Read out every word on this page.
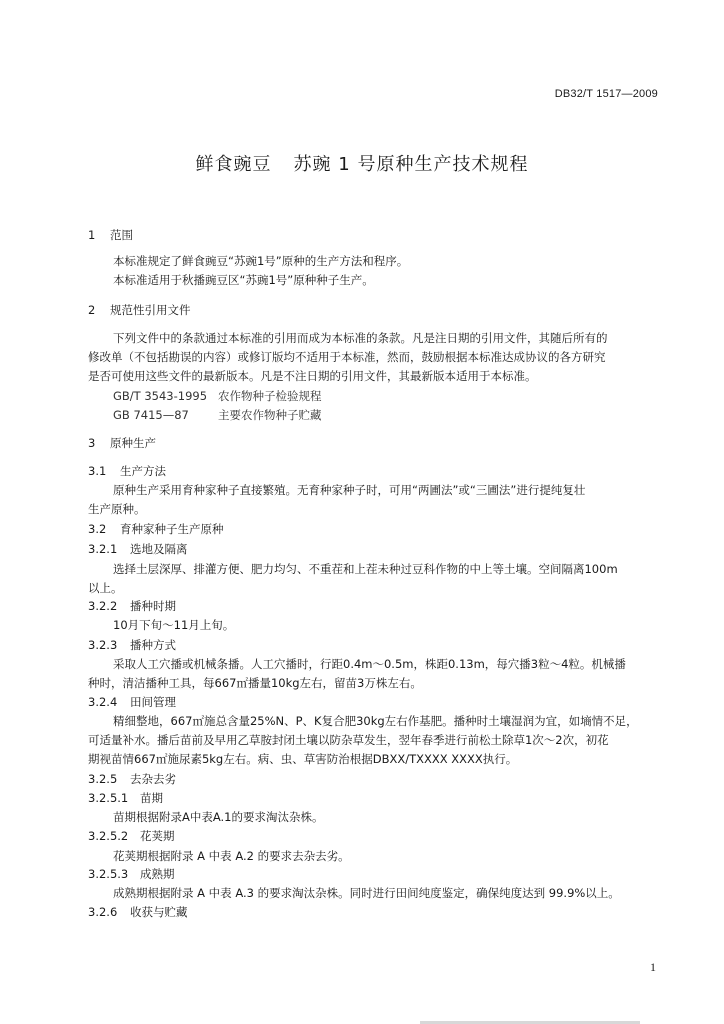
DB32/T 1517—2009
鲜食豌豆 苏豌 1 号原种生产技术规程
1 范围
本标准规定了鲜食豌豆“苏豌1号”原种的生产方法和程序。
本标准适用于秋播豌豆区“苏豌1号”原种种子生产。
2 规范性引用文件
下列文件中的条款通过本标准的引用而成为本标准的条款。凡是注日期的引用文件，其随后所有的
修改单（不包括勘误的内容）或修订版均不适用于本标准，然而，鼓励根据本标准达成协议的各方研究
是否可使用这些文件的最新版本。凡是不注日期的引用文件，其最新版本适用于本标准。
GB/T 3543-1995 农作物种子检验规程
GB 7415—87	主要农作物种子贮藏
3 原种生产
3.1 生产方法
原种生产采用育种家种子直接繁殖。无育种家种子时，可用“两圃法”或“三圃法”进行提纯复壮
生产原种。
3.2 育种家种子生产原种
3.2.1 选地及隔离
选择土层深厚、排灌方便、肥力均匀、不重茬和上茬未种过豆科作物的中上等土壤。空间隔离100m
以上。
3.2.2 播种时期
10月下旬～11月上旬。
3.2.3 播种方式
采取人工穴播或机械条播。人工穴播时，行距0.4m～0.5m，株距0.13m，每穴播3粒～4粒。机械播
种时，清洁播种工具，每667㎡播量10kg左右，留苗3万株左右。
3.2.4 田间管理
精细整地，667㎡施总含量25%N、P、K复合肥30kg左右作基肥。播种时土壤湿润为宜，如墒情不足，
可适量补水。播后苗前及早用乙草胺封闭土壤以防杂草发生，翌年春季进行前松土除草1次～2次，初花
期视苗情667㎡施尿素5kg左右。病、虫、草害防治根据DBXX/TXXXX XXXX执行。
3.2.5 去杂去劣
3.2.5.1 苗期
苗期根据附录A中表A.1的要求淘汰杂株。
3.2.5.2 花荚期
花荚期根据附录 A 中表 A.2 的要求去杂去劣。
3.2.5.3 成熟期
成熟期根据附录 A 中表 A.3 的要求淘汰杂株。同时进行田间纯度鉴定，确保纯度达到 99.9%以上。
3.2.6 收获与贮藏
1
